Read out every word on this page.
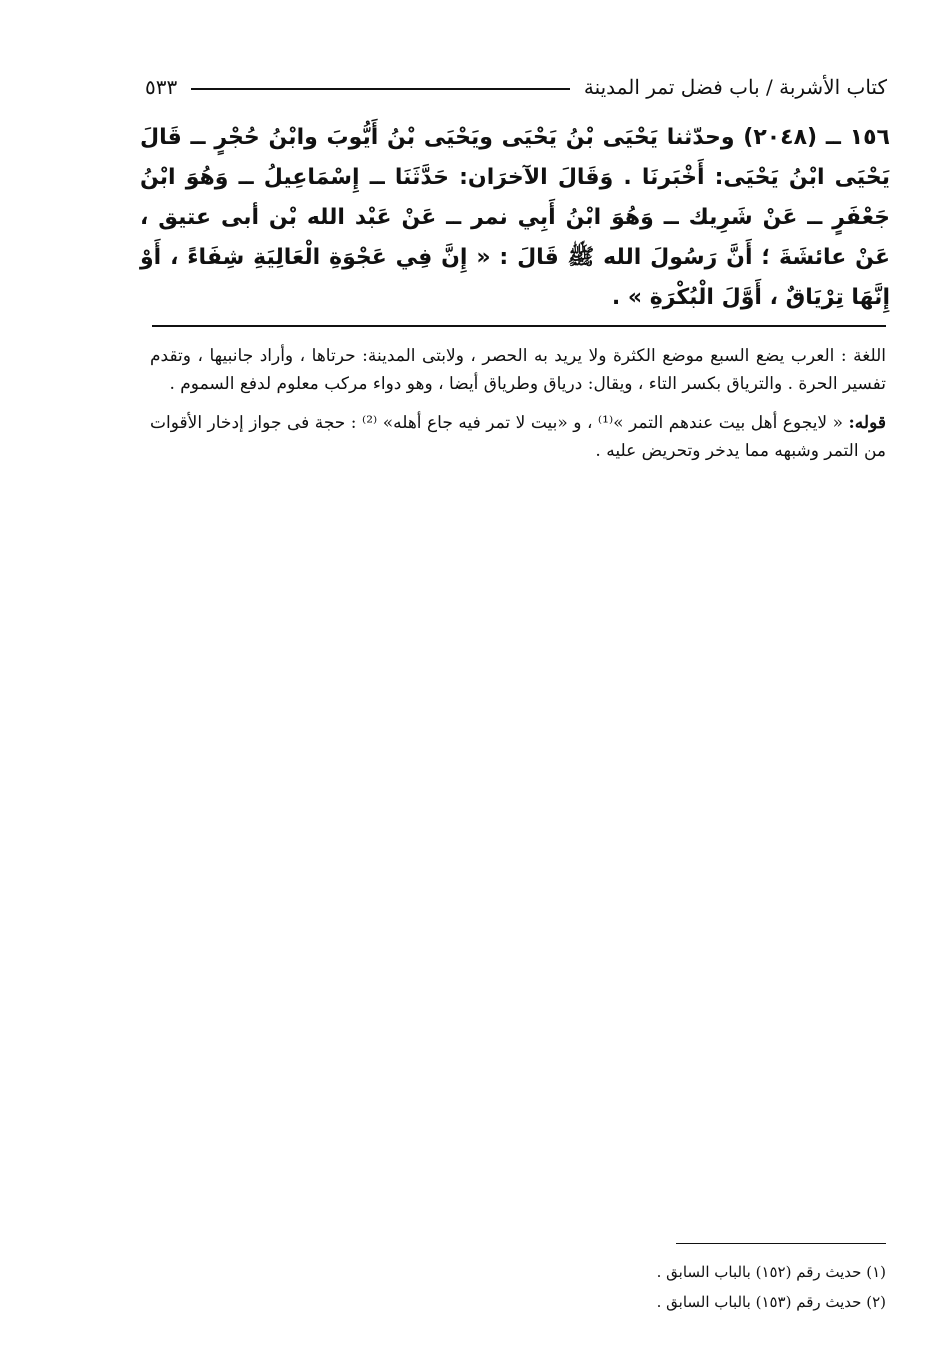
كتاب الأشربة / باب فضل تمر المدينة
٥٣٣
١٥٦ ــ (٢٠٤٨) وحدّثنا يَحْيَى بْنُ يَحْيَى ويَحْيَى بْنُ أَيُّوبَ وابْنُ حُجْرٍ ــ قَالَ يَحْيَى ابْنُ يَحْيَى: أَخْبَرنَا . وَقَالَ الآخرَان: حَدَّثَنَا ــ إِسْمَاعِيلُ ــ وَهُوَ ابْنُ جَعْفَرٍ ــ عَنْ شَرِيك ــ وَهُوَ ابْنُ أَبِي نمر ــ عَنْ عَبْد الله بْن أبى عتيق ، عَنْ عائشَةَ ؛ أَنَّ رَسُولَ الله ﷺ قَالَ : « إِنَّ فِي عَجْوَةِ الْعَالِيَةِ شِفَاءً ، أَوْ إِنَّهَا تِرْيَاقٌ ، أَوَّلَ الْبُكْرَةِ » .

اللغة : العرب يضع السبع موضع الكثرة ولا يريد به الحصر ، ولابتى المدينة: حرتاها ، وأراد جانبيها ، وتقدم تفسير الحرة . والترياق بكسر التاء ، ويقال: درياق وطرياق أيضا ، وهو دواء مركب معلوم لدفع السموم .

قوله: « لايجوع أهل بيت عندهم التمر »⁽¹⁾ ، و «بيت لا تمر فيه جاع أهله» ⁽²⁾ : حجة فى جواز إدخار الأقوات من التمر وشبهه مما يدخر وتحريض عليه .

(١) حديث رقم (١٥٢) بالباب السابق .
(٢) حديث رقم (١٥٣) بالباب السابق .
